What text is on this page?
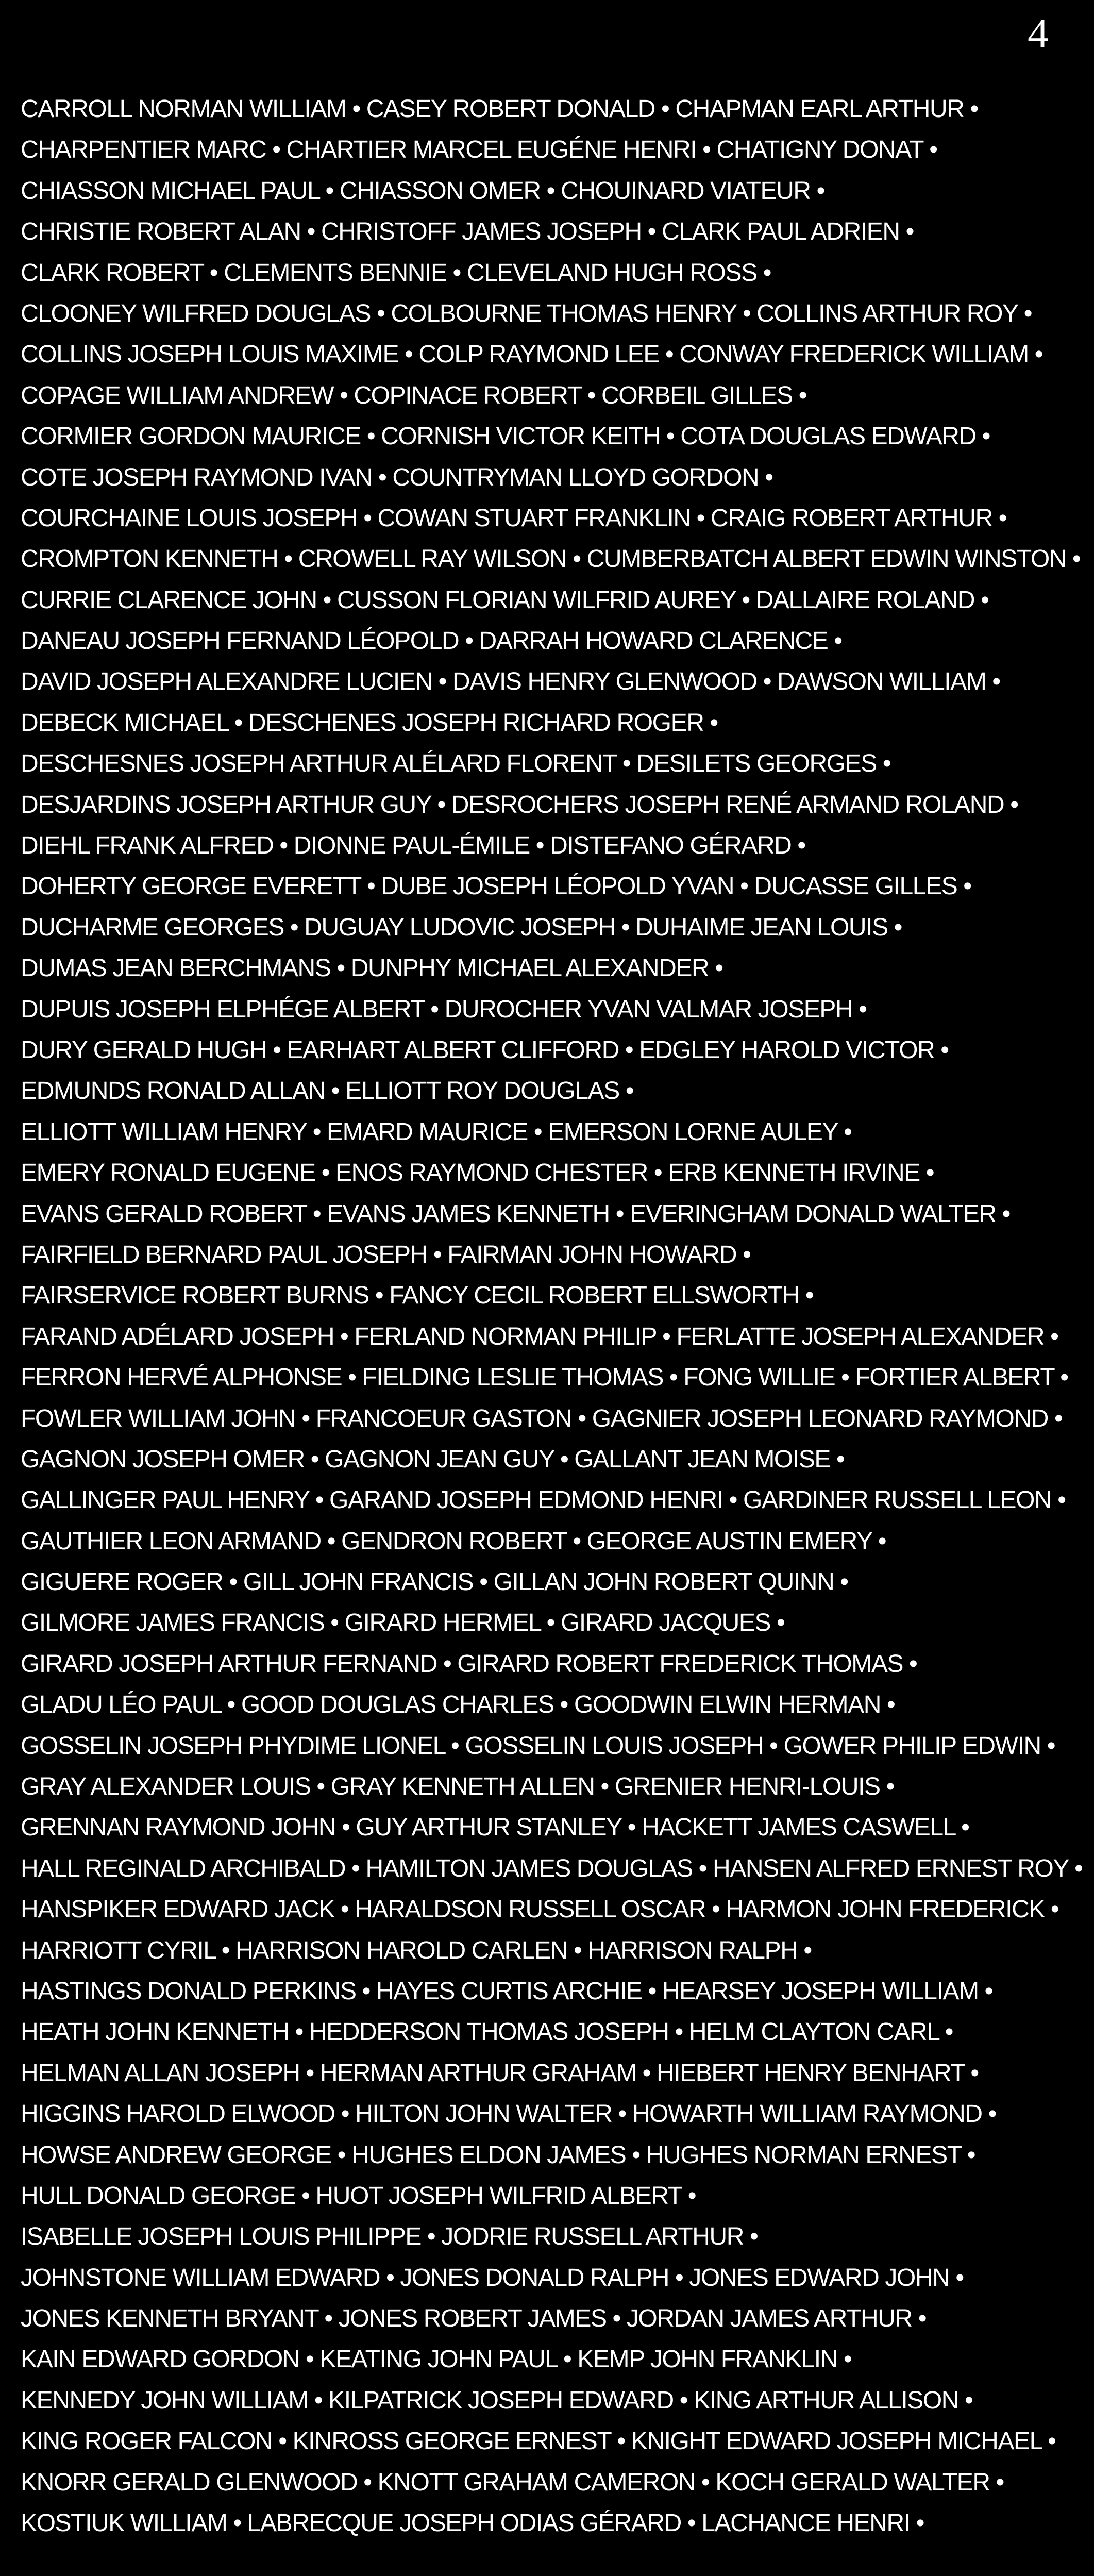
4
CARROLL NORMAN WILLIAM • CASEY ROBERT DONALD • CHAPMAN EARL ARTHUR •
CHARPENTIER MARC • CHARTIER MARCEL EUGÉNE HENRI • CHATIGNY DONAT •
CHIASSON MICHAEL PAUL • CHIASSON OMER • CHOUINARD VIATEUR •
CHRISTIE ROBERT ALAN • CHRISTOFF JAMES JOSEPH • CLARK PAUL ADRIEN •
CLARK ROBERT • CLEMENTS BENNIE • CLEVELAND HUGH ROSS •
CLOONEY WILFRED DOUGLAS • COLBOURNE THOMAS HENRY • COLLINS ARTHUR ROY •
COLLINS JOSEPH LOUIS MAXIME • COLP RAYMOND LEE • CONWAY FREDERICK WILLIAM •
COPAGE WILLIAM ANDREW • COPINACE ROBERT • CORBEIL GILLES •
CORMIER GORDON MAURICE • CORNISH VICTOR KEITH • COTA DOUGLAS EDWARD •
COTE JOSEPH RAYMOND IVAN • COUNTRYMAN LLOYD GORDON •
COURCHAINE LOUIS JOSEPH • COWAN STUART FRANKLIN • CRAIG ROBERT ARTHUR •
CROMPTON KENNETH • CROWELL RAY WILSON • CUMBERBATCH ALBERT EDWIN WINSTON •
CURRIE CLARENCE JOHN • CUSSON FLORIAN WILFRID AUREY • DALLAIRE ROLAND •
DANEAU JOSEPH FERNAND LÉOPOLD • DARRAH HOWARD CLARENCE •
DAVID JOSEPH ALEXANDRE LUCIEN • DAVIS HENRY GLENWOOD • DAWSON WILLIAM •
DEBECK MICHAEL • DESCHENES JOSEPH RICHARD ROGER •
DESCHESNES JOSEPH ARTHUR ALÉLARD FLORENT • DESILETS GEORGES •
DESJARDINS JOSEPH ARTHUR GUY • DESROCHERS JOSEPH RENÉ ARMAND ROLAND •
DIEHL FRANK ALFRED • DIONNE PAUL-ÉMILE • DISTEFANO GÉRARD •
DOHERTY GEORGE EVERETT • DUBE JOSEPH LÉOPOLD YVAN • DUCASSE GILLES •
DUCHARME GEORGES • DUGUAY LUDOVIC JOSEPH • DUHAIME JEAN LOUIS •
DUMAS JEAN BERCHMANS • DUNPHY MICHAEL ALEXANDER •
DUPUIS JOSEPH ELPHÉGE ALBERT • DUROCHER YVAN VALMAR JOSEPH •
DURY GERALD HUGH • EARHART ALBERT CLIFFORD • EDGLEY HAROLD VICTOR •
EDMUNDS RONALD ALLAN • ELLIOTT ROY DOUGLAS •
ELLIOTT WILLIAM HENRY • EMARD MAURICE • EMERSON LORNE AULEY •
EMERY RONALD EUGENE • ENOS RAYMOND CHESTER • ERB KENNETH IRVINE •
EVANS GERALD ROBERT • EVANS JAMES KENNETH • EVERINGHAM DONALD WALTER •
FAIRFIELD BERNARD PAUL JOSEPH • FAIRMAN JOHN HOWARD •
FAIRSERVICE ROBERT BURNS • FANCY CECIL ROBERT ELLSWORTH •
FARAND ADÉLARD JOSEPH • FERLAND NORMAN PHILIP • FERLATTE JOSEPH ALEXANDER •
FERRON HERVÉ ALPHONSE • FIELDING LESLIE THOMAS • FONG WILLIE • FORTIER ALBERT •
FOWLER WILLIAM JOHN • FRANCOEUR GASTON • GAGNIER JOSEPH LEONARD RAYMOND •
GAGNON JOSEPH OMER • GAGNON JEAN GUY • GALLANT JEAN MOISE •
GALLINGER PAUL HENRY • GARAND JOSEPH EDMOND HENRI • GARDINER RUSSELL LEON •
GAUTHIER LEON ARMAND • GENDRON ROBERT • GEORGE AUSTIN EMERY •
GIGUERE ROGER • GILL JOHN FRANCIS • GILLAN JOHN ROBERT QUINN •
GILMORE JAMES FRANCIS • GIRARD HERMEL • GIRARD JACQUES •
GIRARD JOSEPH ARTHUR FERNAND • GIRARD ROBERT FREDERICK THOMAS •
GLADU LÉO PAUL • GOOD DOUGLAS CHARLES • GOODWIN ELWIN HERMAN •
GOSSELIN JOSEPH PHYDIME LIONEL • GOSSELIN LOUIS JOSEPH • GOWER PHILIP EDWIN •
GRAY ALEXANDER LOUIS • GRAY KENNETH ALLEN • GRENIER HENRI-LOUIS •
GRENNAN RAYMOND JOHN • GUY ARTHUR STANLEY • HACKETT JAMES CASWELL •
HALL REGINALD ARCHIBALD • HAMILTON JAMES DOUGLAS • HANSEN ALFRED ERNEST ROY •
HANSPIKER EDWARD JACK • HARALDSON RUSSELL OSCAR • HARMON JOHN FREDERICK •
HARRIOTT CYRIL • HARRISON HAROLD CARLEN • HARRISON RALPH •
HASTINGS DONALD PERKINS • HAYES CURTIS ARCHIE • HEARSEY JOSEPH WILLIAM •
HEATH JOHN KENNETH • HEDDERSON THOMAS JOSEPH • HELM CLAYTON CARL •
HELMAN ALLAN JOSEPH • HERMAN ARTHUR GRAHAM • HIEBERT HENRY BENHART •
HIGGINS HAROLD ELWOOD • HILTON JOHN WALTER • HOWARTH WILLIAM RAYMOND •
HOWSE ANDREW GEORGE • HUGHES ELDON JAMES • HUGHES NORMAN ERNEST •
HULL DONALD GEORGE • HUOT JOSEPH WILFRID ALBERT •
ISABELLE JOSEPH LOUIS PHILIPPE • JODRIE RUSSELL ARTHUR •
JOHNSTONE WILLIAM EDWARD • JONES DONALD RALPH • JONES EDWARD JOHN •
JONES KENNETH BRYANT • JONES ROBERT JAMES • JORDAN JAMES ARTHUR •
KAIN EDWARD GORDON • KEATING JOHN PAUL • KEMP JOHN FRANKLIN •
KENNEDY JOHN WILLIAM • KILPATRICK JOSEPH EDWARD • KING ARTHUR ALLISON •
KING ROGER FALCON • KINROSS GEORGE ERNEST • KNIGHT EDWARD JOSEPH MICHAEL •
KNORR GERALD GLENWOOD • KNOTT GRAHAM CAMERON • KOCH GERALD WALTER •
KOSTIUK WILLIAM • LABRECQUE JOSEPH ODIAS GÉRARD • LACHANCE HENRI •
